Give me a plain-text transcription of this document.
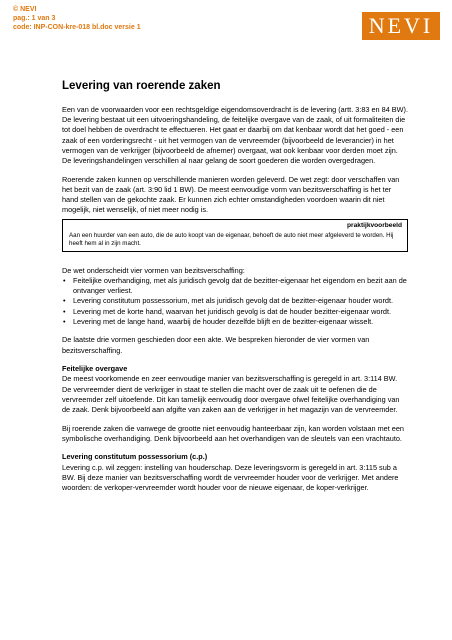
© NEVI
pag.: 1 van 3
code: INP-CON-kre-018 bl.doc versie 1	NEVI
Levering van roerende zaken

Een van de voorwaarden voor een rechtsgeldige eigendomsoverdracht is de levering (artt. 3:83 en 84 BW). De levering bestaat uit een uitvoeringshandeling, de feitelijke overgave van de zaak, of uit formaliteiten die tot doel hebben de overdracht te effectueren. Het gaat er daarbij om dat kenbaar wordt dat het goed - een zaak of een vorderingsrecht - uit het vermogen van de vervreemder (bijvoorbeeld de leverancier) in het vermogen van de verkrijger (bijvoorbeeld de afnemer) overgaat, wat ook kenbaar voor derden moet zijn. De leveringshandelingen verschillen al naar gelang de soort goederen die worden overgedragen.

Roerende zaken kunnen op verschillende manieren worden geleverd. De wet zegt: door verschaffen van het bezit van de zaak (art. 3:90 lid 1 BW). De meest eenvoudige vorm van bezitsverschaffing is het ter hand stellen van de gekochte zaak. Er kunnen zich echter omstandigheden voordoen waarin dit niet mogelijk, niet wenselijk, of niet meer nodig is.

praktijkvoorbeeld
Aan een huurder van een auto, die de auto koopt van de eigenaar, behoeft de auto niet meer afgeleverd te worden. Hij heeft hem al in zijn macht.

De wet onderscheidt vier vormen van bezitsverschaffing:

• Feitelijke overhandiging, met als juridisch gevolg dat de bezitter-eigenaar het eigendom en bezit aan de ontvanger verliest.
• Levering constitutum possessorium, met als juridisch gevolg dat de bezitter-eigenaar houder wordt.
• Levering met de korte hand, waarvan het juridisch gevolg is dat de houder bezitter-eigenaar wordt.
• Levering met de lange hand, waarbij de houder dezelfde blijft en de bezitter-eigenaar wisselt.

De laatste drie vormen geschieden door een akte. We bespreken hieronder de vier vormen van bezitsverschaffing.

Feitelijke overgave

De meest voorkomende en zeer eenvoudige manier van bezitsverschaffing is geregeld in art. 3:114 BW. De vervreemder dient de verkrijger in staat te stellen die macht over de zaak uit te oefenen die de vervreemder zelf uitoefende. Dit kan tamelijk eenvoudig door overgave ofwel feitelijke overhandiging van de zaak. Denk bijvoorbeeld aan afgifte van zaken aan de verkrijger in het magazijn van de vervreemder.

Bij roerende zaken die vanwege de grootte niet eenvoudig hanteerbaar zijn, kan worden volstaan met een symbolische overhandiging. Denk bijvoorbeeld aan het overhandigen van de sleutels van een vrachtauto.

Levering constitutum possessorium (c.p.)

Levering c.p. wil zeggen: instelling van houderschap. Deze leveringsvorm is geregeld in art. 3:115 sub a BW. Bij deze manier van bezitsverschaffing wordt de vervreemder houder voor de verkrijger. Met andere woorden: de verkoper-vervreemder wordt houder voor de nieuwe eigenaar, de koper-verkrijger.
